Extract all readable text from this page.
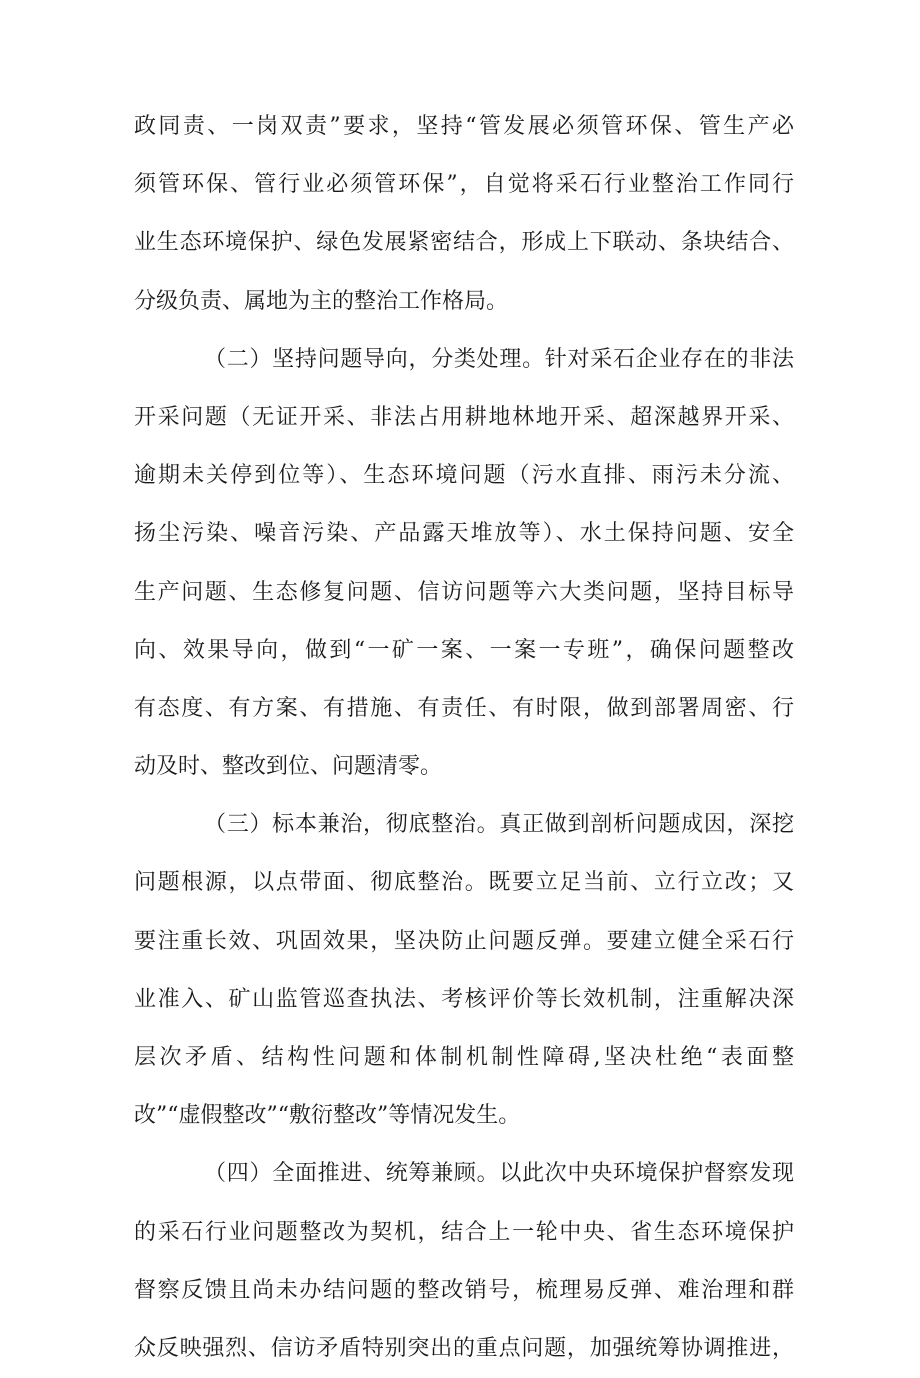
政同责、一岗双责”要求，坚持“管发展必须管环保、管生产必
须管环保、管行业必须管环保”，自觉将采石行业整治工作同行
业生态环境保护、绿色发展紧密结合，形成上下联动、条块结合、
分级负责、属地为主的整治工作格局。
（二）坚持问题导向，分类处理。针对采石企业存在的非法
开采问题（无证开采、非法占用耕地林地开采、超深越界开采、
逾期未关停到位等）、生态环境问题（污水直排、雨污未分流、
扬尘污染、噪音污染、产品露天堆放等）、水土保持问题、安全
生产问题、生态修复问题、信访问题等六大类问题，坚持目标导
向、效果导向，做到“一矿一案、一案一专班”，确保问题整改
有态度、有方案、有措施、有责任、有时限，做到部署周密、行
动及时、整改到位、问题清零。
（三）标本兼治，彻底整治。真正做到剖析问题成因，深挖
问题根源，以点带面、彻底整治。既要立足当前、立行立改；又
要注重长效、巩固效果，坚决防止问题反弹。要建立健全采石行
业准入、矿山监管巡查执法、考核评价等长效机制，注重解决深
层次矛盾、结构性问题和体制机制性障碍,坚决杜绝“表面整
改”“虚假整改”“敷衍整改”等情况发生。
（四）全面推进、统筹兼顾。以此次中央环境保护督察发现
的采石行业问题整改为契机，结合上一轮中央、省生态环境保护
督察反馈且尚未办结问题的整改销号，梳理易反弹、难治理和群
众反映强烈、信访矛盾特别突出的重点问题，加强统筹协调推进，
